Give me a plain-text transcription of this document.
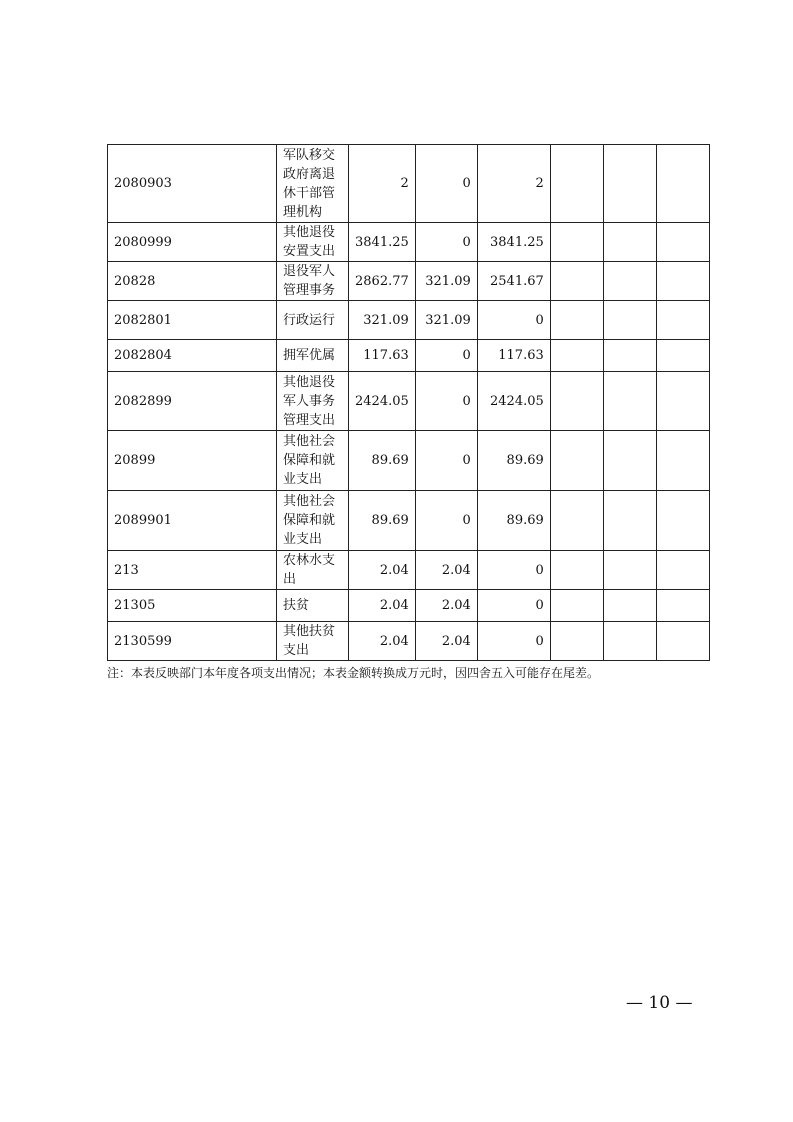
2080903	军队移交政府离退休干部管理机构	2	0	2			
2080999	其他退役安置支出	3841.25	0	3841.25			
20828	退役军人管理事务	2862.77	321.09	2541.67			
2082801	行政运行	321.09	321.09	0			
2082804	拥军优属	117.63	0	117.63			
2082899	其他退役军人事务管理支出	2424.05	0	2424.05			
20899	其他社会保障和就业支出	89.69	0	89.69			
2089901	其他社会保障和就业支出	89.69	0	89.69			
213	农林水支出	2.04	2.04	0			
21305	扶贫	2.04	2.04	0			
2130599	其他扶贫支出	2.04	2.04	0			
注：本表反映部门本年度各项支出情况；本表金额转换成万元时，因四舍五入可能存在尾差。
— 10 —
